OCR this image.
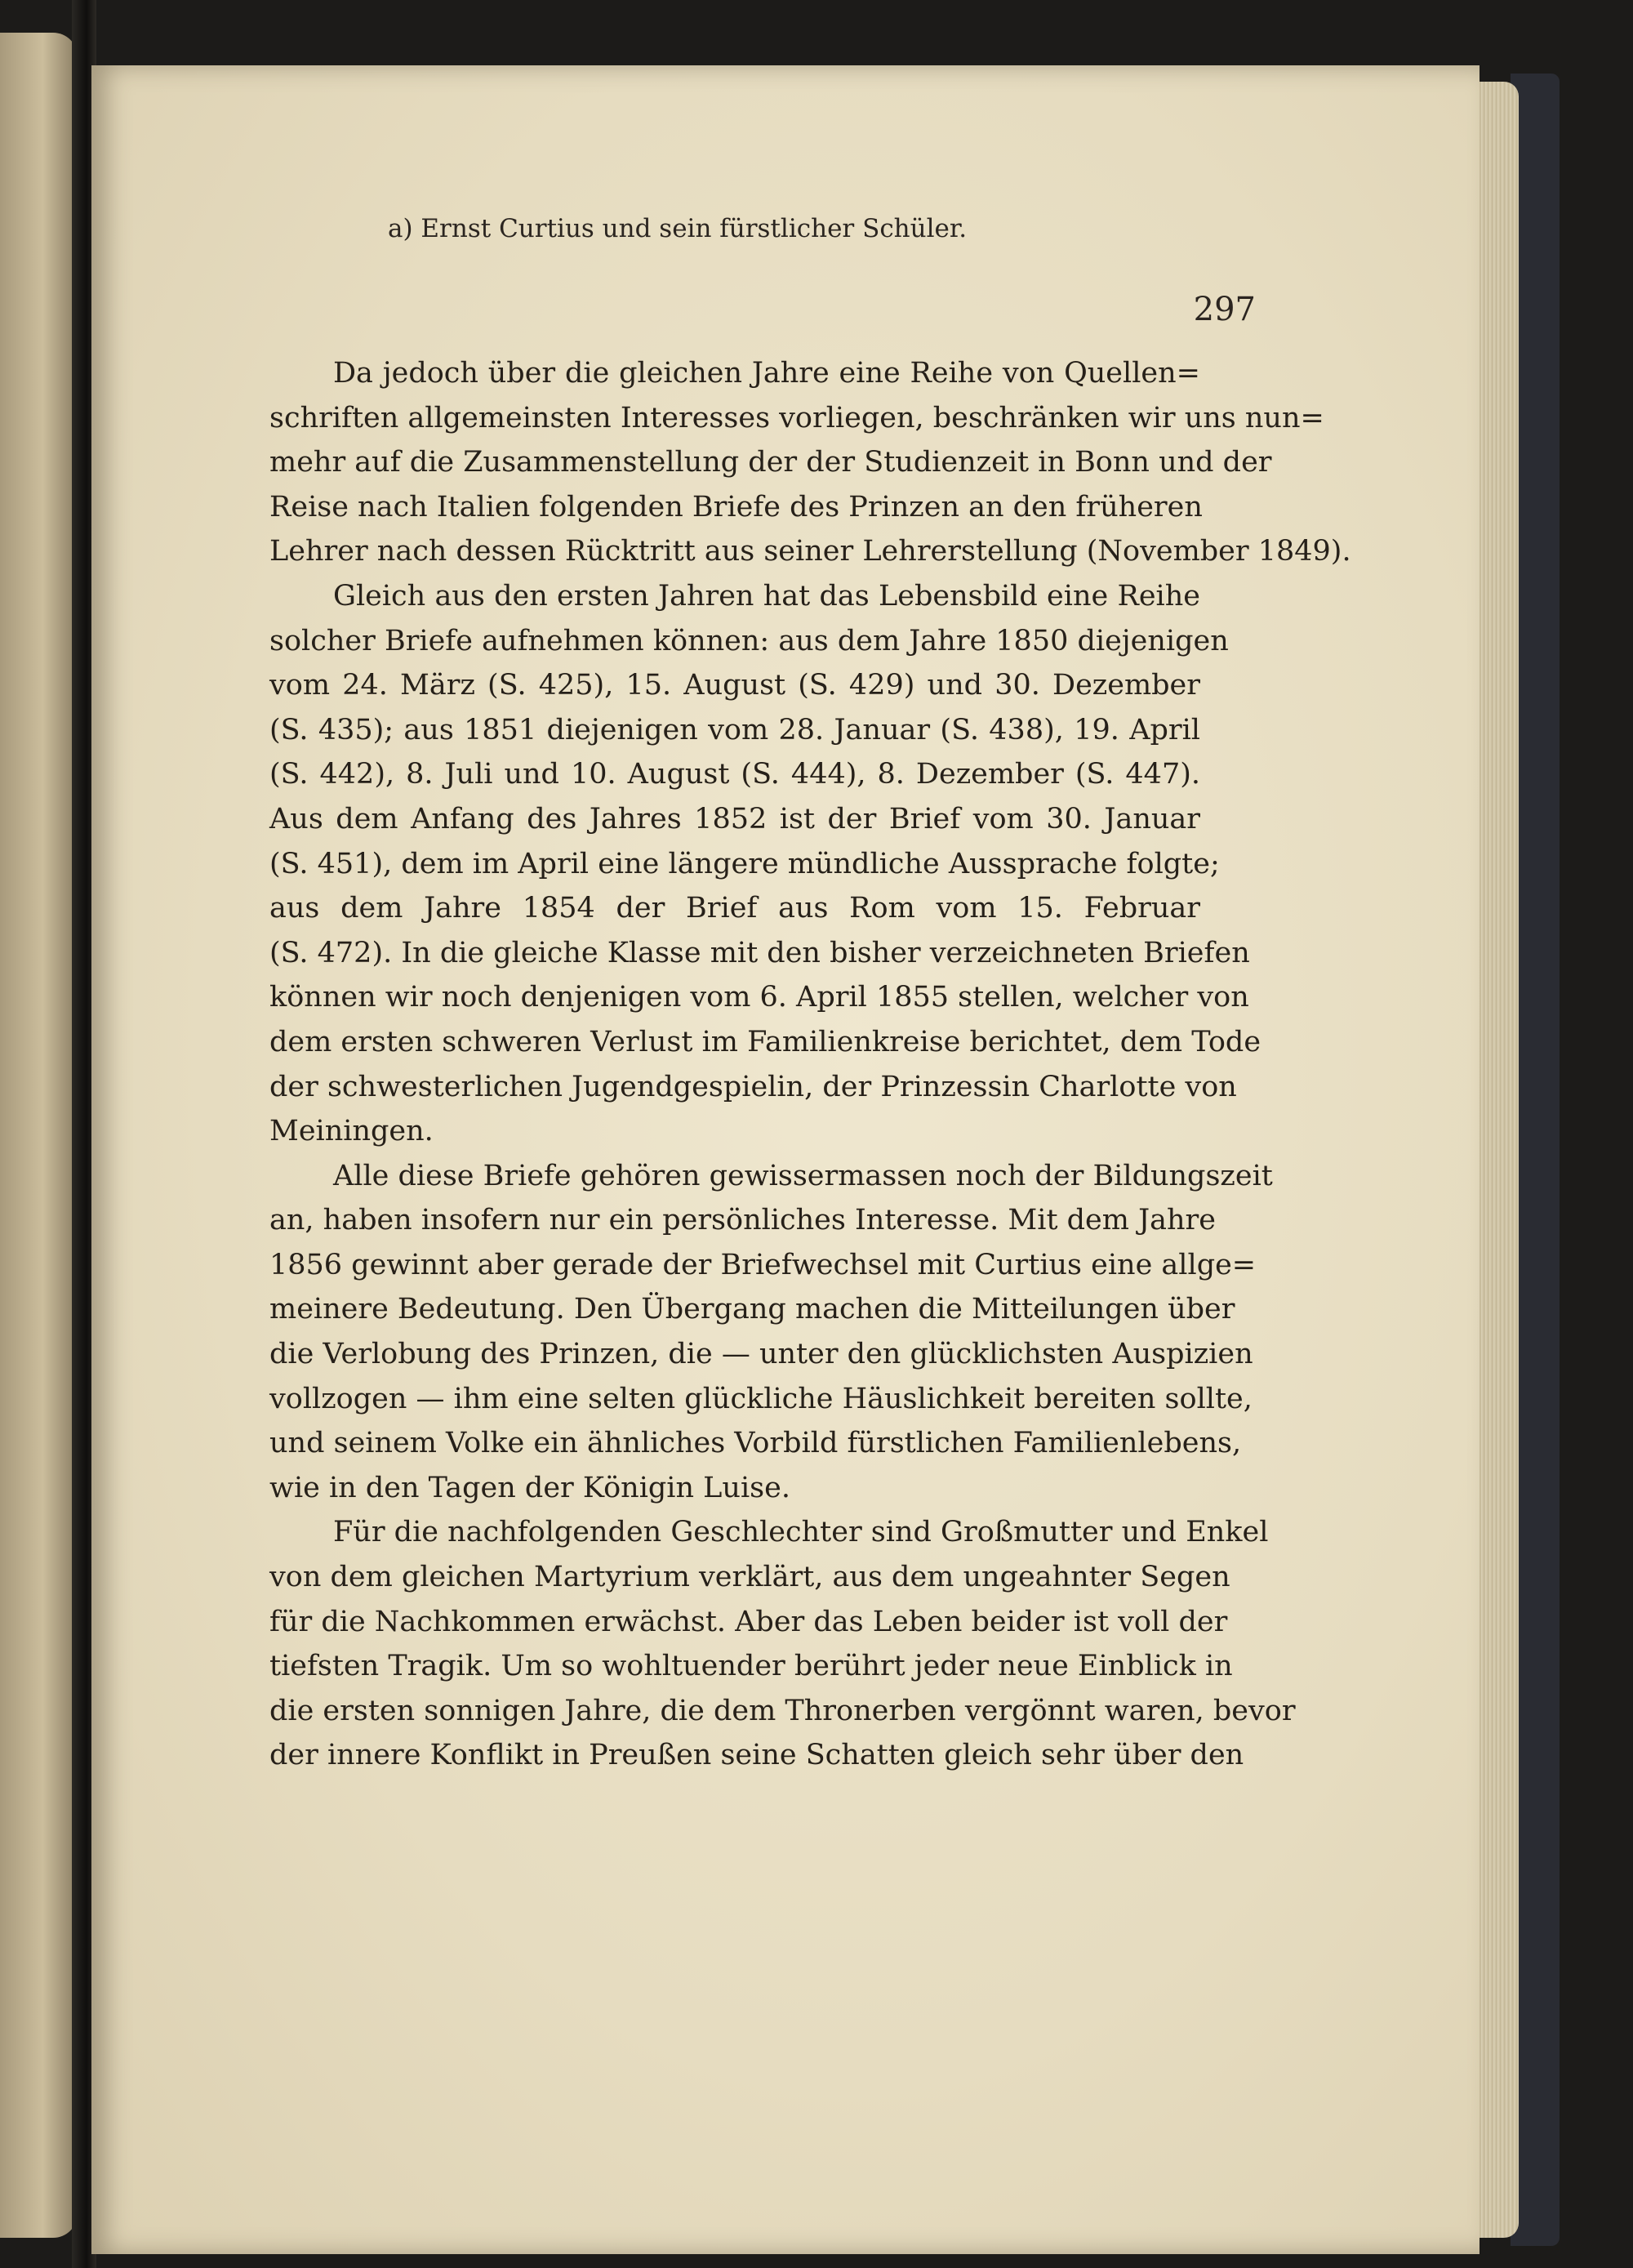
a) Ernst Curtius und sein fürstlicher Schüler.
297
Da jedoch über die gleichen Jahre eine Reihe von Quellen=
schriften allgemeinsten Interesses vorliegen, beschränken wir uns nun=
mehr auf die Zusammenstellung der der Studienzeit in Bonn und der
Reise nach Italien folgenden Briefe des Prinzen an den früheren
Lehrer nach dessen Rücktritt aus seiner Lehrerstellung (November 1849).
Gleich aus den ersten Jahren hat das Lebensbild eine Reihe
solcher Briefe aufnehmen können: aus dem Jahre 1850 diejenigen
vom 24. März (S. 425), 15. August (S. 429) und 30. Dezember
(S. 435); aus 1851 diejenigen vom 28. Januar (S. 438), 19. April
(S. 442), 8. Juli und 10. August (S. 444), 8. Dezember (S. 447).
Aus dem Anfang des Jahres 1852 ist der Brief vom 30. Januar
(S. 451), dem im April eine längere mündliche Aussprache folgte;
aus dem Jahre 1854 der Brief aus Rom vom 15. Februar
(S. 472). In die gleiche Klasse mit den bisher verzeichneten Briefen
können wir noch denjenigen vom 6. April 1855 stellen, welcher von
dem ersten schweren Verlust im Familienkreise berichtet, dem Tode
der schwesterlichen Jugendgespielin, der Prinzessin Charlotte von
Meiningen.
Alle diese Briefe gehören gewissermassen noch der Bildungszeit
an, haben insofern nur ein persönliches Interesse. Mit dem Jahre
1856 gewinnt aber gerade der Briefwechsel mit Curtius eine allge=
meinere Bedeutung. Den Übergang machen die Mitteilungen über
die Verlobung des Prinzen, die — unter den glücklichsten Auspizien
vollzogen — ihm eine selten glückliche Häuslichkeit bereiten sollte,
und seinem Volke ein ähnliches Vorbild fürstlichen Familienlebens,
wie in den Tagen der Königin Luise.
Für die nachfolgenden Geschlechter sind Großmutter und Enkel
von dem gleichen Martyrium verklärt, aus dem ungeahnter Segen
für die Nachkommen erwächst. Aber das Leben beider ist voll der
tiefsten Tragik. Um so wohltuender berührt jeder neue Einblick in
die ersten sonnigen Jahre, die dem Thronerben vergönnt waren, bevor
der innere Konflikt in Preußen seine Schatten gleich sehr über den
